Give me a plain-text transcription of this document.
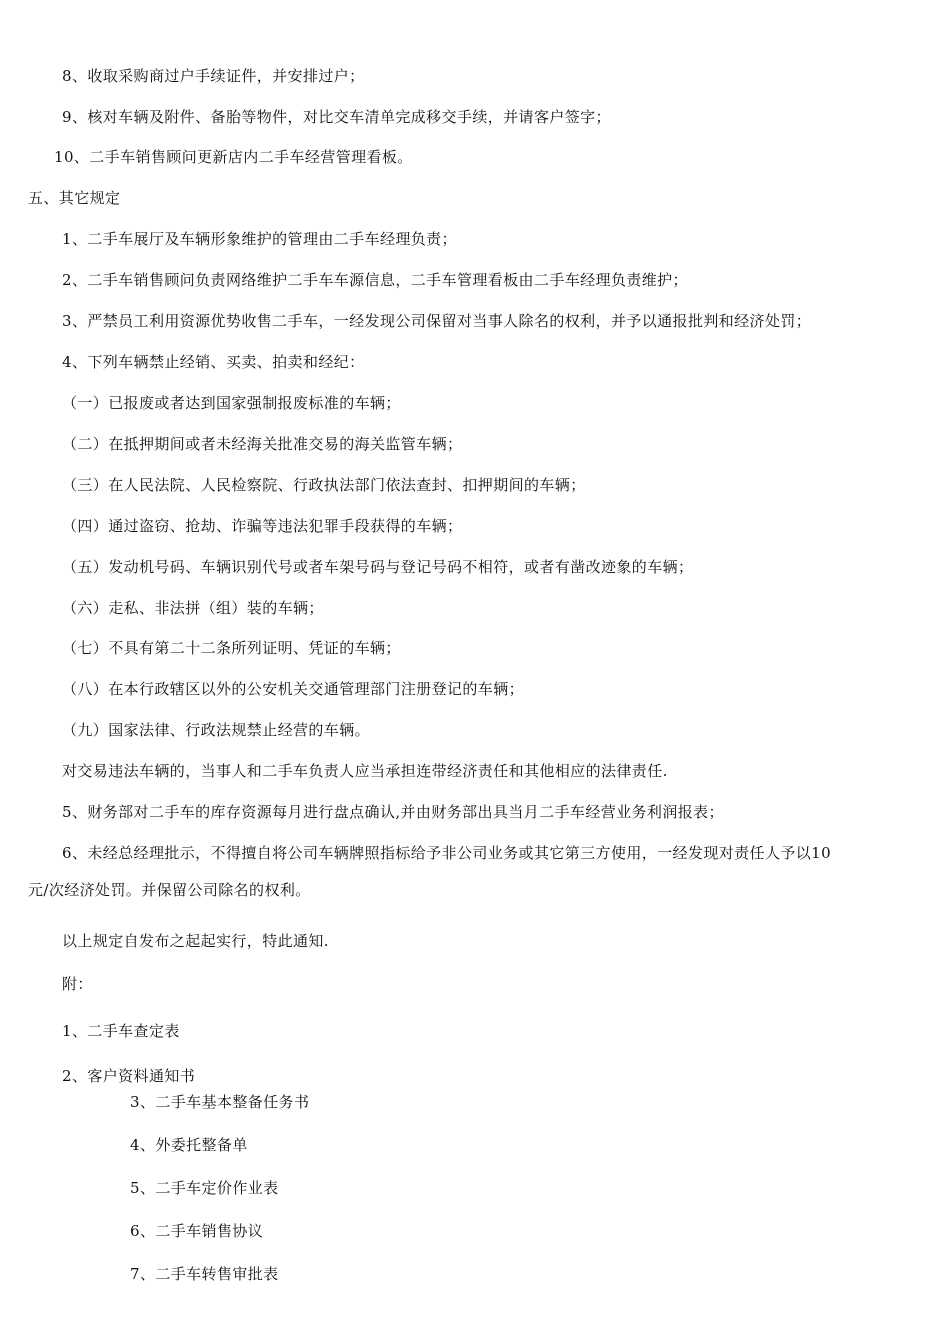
8、收取采购商过户手续证件，并安排过户；
9、核对车辆及附件、备胎等物件，对比交车清单完成移交手续，并请客户签字；
10、二手车销售顾问更新店内二手车经营管理看板。
五、其它规定
1、二手车展厅及车辆形象维护的管理由二手车经理负责；
2、二手车销售顾问负责网络维护二手车车源信息，二手车管理看板由二手车经理负责维护；
3、严禁员工利用资源优势收售二手车，一经发现公司保留对当事人除名的权利，并予以通报批判和经济处罚；
4、下列车辆禁止经销、买卖、拍卖和经纪：
（一）已报废或者达到国家强制报废标准的车辆；
（二）在抵押期间或者未经海关批准交易的海关监管车辆；
（三）在人民法院、人民检察院、行政执法部门依法查封、扣押期间的车辆；
（四）通过盗窃、抢劫、诈骗等违法犯罪手段获得的车辆；
（五）发动机号码、车辆识别代号或者车架号码与登记号码不相符，或者有凿改迹象的车辆；
（六）走私、非法拼（组）装的车辆；
（七）不具有第二十二条所列证明、凭证的车辆；
（八）在本行政辖区以外的公安机关交通管理部门注册登记的车辆；
（九）国家法律、行政法规禁止经营的车辆。
对交易违法车辆的，当事人和二手车负责人应当承担连带经济责任和其他相应的法律责任.
5、财务部对二手车的库存资源每月进行盘点确认,并由财务部出具当月二手车经营业务利润报表；
6、未经总经理批示，不得擅自将公司车辆牌照指标给予非公司业务或其它第三方使用，一经发现对责任人予以10
元/次经济处罚。并保留公司除名的权利。
以上规定自发布之起起实行，特此通知.
附：
1、二手车查定表
2、客户资料通知书
3、二手车基本整备任务书
4、外委托整备单
5、二手车定价作业表
6、二手车销售协议
7、二手车转售审批表
